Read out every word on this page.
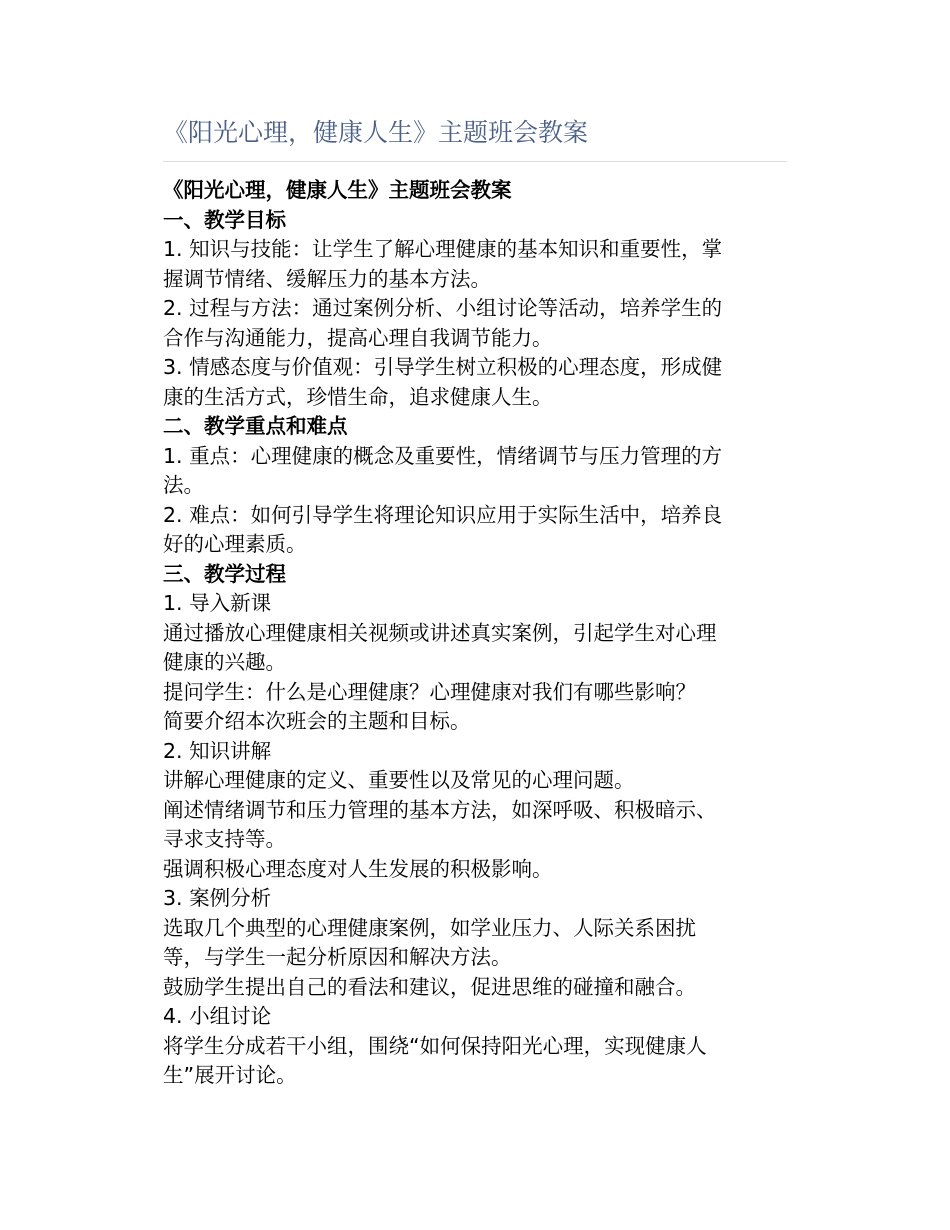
《阳光心理，健康人生》主题班会教案

《阳光心理，健康人生》主题班会教案

一、教学目标

1. 知识与技能：让学生了解心理健康的基本知识和重要性，掌

握调节情绪、缓解压力的基本方法。

2. 过程与方法：通过案例分析、小组讨论等活动，培养学生的

合作与沟通能力，提高心理自我调节能力。

3. 情感态度与价值观：引导学生树立积极的心理态度，形成健

康的生活方式，珍惜生命，追求健康人生。

二、教学重点和难点

1. 重点：心理健康的概念及重要性，情绪调节与压力管理的方

法。

2. 难点：如何引导学生将理论知识应用于实际生活中，培养良

好的心理素质。

三、教学过程

1. 导入新课

通过播放心理健康相关视频或讲述真实案例，引起学生对心理

健康的兴趣。

提问学生：什么是心理健康？心理健康对我们有哪些影响？

简要介绍本次班会的主题和目标。

2. 知识讲解

讲解心理健康的定义、重要性以及常见的心理问题。

阐述情绪调节和压力管理的基本方法，如深呼吸、积极暗示、

寻求支持等。

强调积极心理态度对人生发展的积极影响。

3. 案例分析

选取几个典型的心理健康案例，如学业压力、人际关系困扰

等，与学生一起分析原因和解决方法。

鼓励学生提出自己的看法和建议，促进思维的碰撞和融合。

4. 小组讨论

将学生分成若干小组，围绕“如何保持阳光心理，实现健康人

生”展开讨论。
